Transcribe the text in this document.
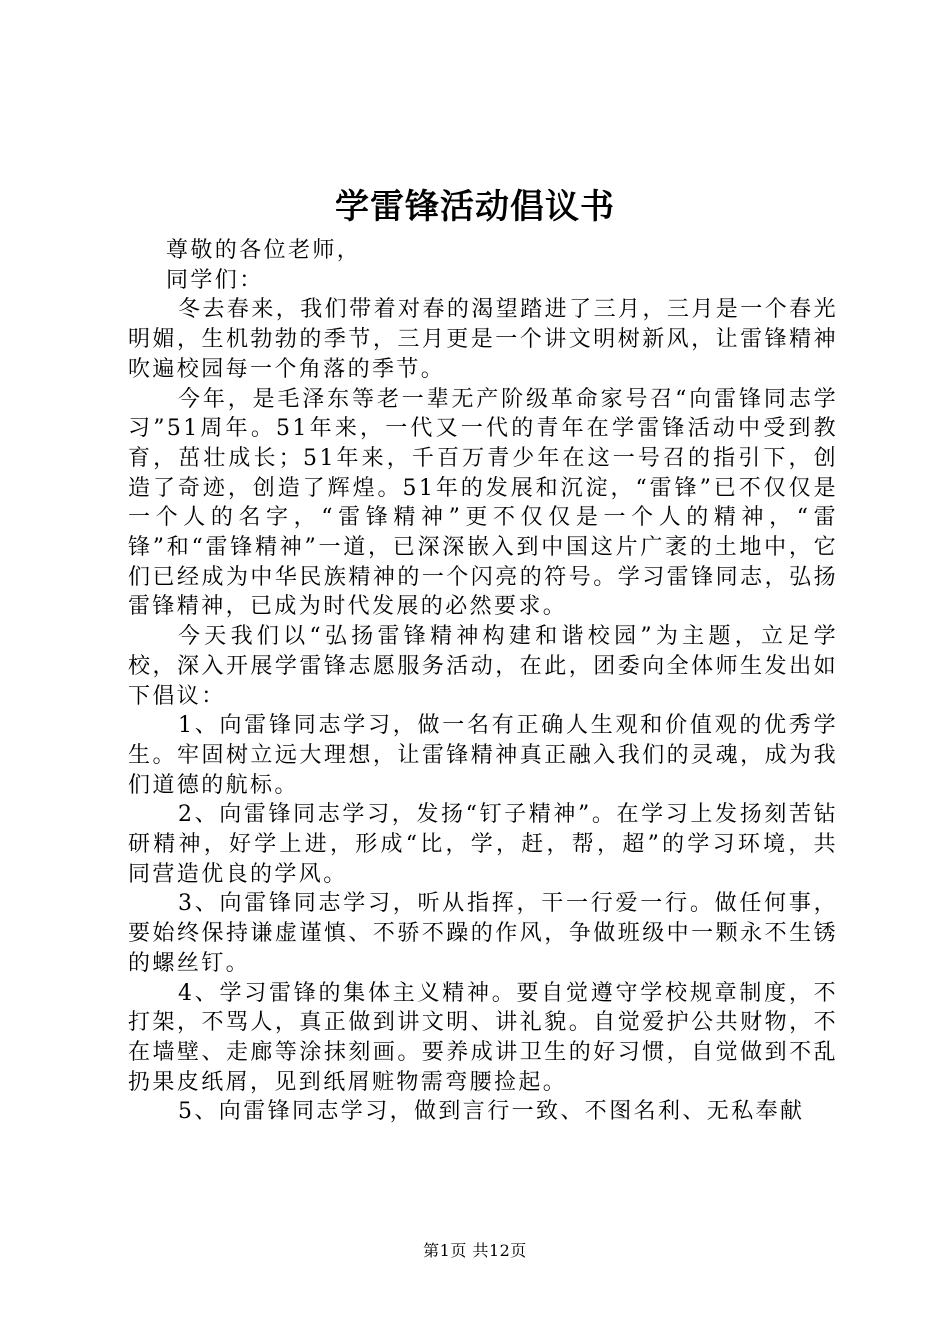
学雷锋活动倡议书

尊敬的各位老师，

同学们：

冬去春来，我们带着对春的渴望踏进了三月，三月是一个春光明媚，生机勃勃的季节，三月更是一个讲文明树新风，让雷锋精神吹遍校园每一个角落的季节。

今年，是毛泽东等老一辈无产阶级革命家号召“向雷锋同志学习”51周年。51年来，一代又一代的青年在学雷锋活动中受到教育，茁壮成长；51年来，千百万青少年在这一号召的指引下，创造了奇迹，创造了辉煌。51年的发展和沉淀，“雷锋”已不仅仅是一个人的名字，“雷锋精神”更不仅仅是一个人的精神，“雷锋”和“雷锋精神”一道，已深深嵌入到中国这片广袤的土地中，它们已经成为中华民族精神的一个闪亮的符号。学习雷锋同志，弘扬雷锋精神，已成为时代发展的必然要求。

今天我们以“弘扬雷锋精神构建和谐校园”为主题，立足学校，深入开展学雷锋志愿服务活动，在此，团委向全体师生发出如下倡议：

1、向雷锋同志学习，做一名有正确人生观和价值观的优秀学生。牢固树立远大理想，让雷锋精神真正融入我们的灵魂，成为我们道德的航标。

2、向雷锋同志学习，发扬“钉子精神”。在学习上发扬刻苦钻研精神，好学上进，形成“比，学，赶，帮，超”的学习环境，共同营造优良的学风。

3、向雷锋同志学习，听从指挥，干一行爱一行。做任何事，要始终保持谦虚谨慎、不骄不躁的作风，争做班级中一颗永不生锈的螺丝钉。

4、学习雷锋的集体主义精神。要自觉遵守学校规章制度，不打架，不骂人，真正做到讲文明、讲礼貌。自觉爱护公共财物，不在墙壁、走廊等涂抹刻画。要养成讲卫生的好习惯，自觉做到不乱扔果皮纸屑，见到纸屑赃物需弯腰捡起。

5、向雷锋同志学习，做到言行一致、不图名利、无私奉献

第1页 共12页
